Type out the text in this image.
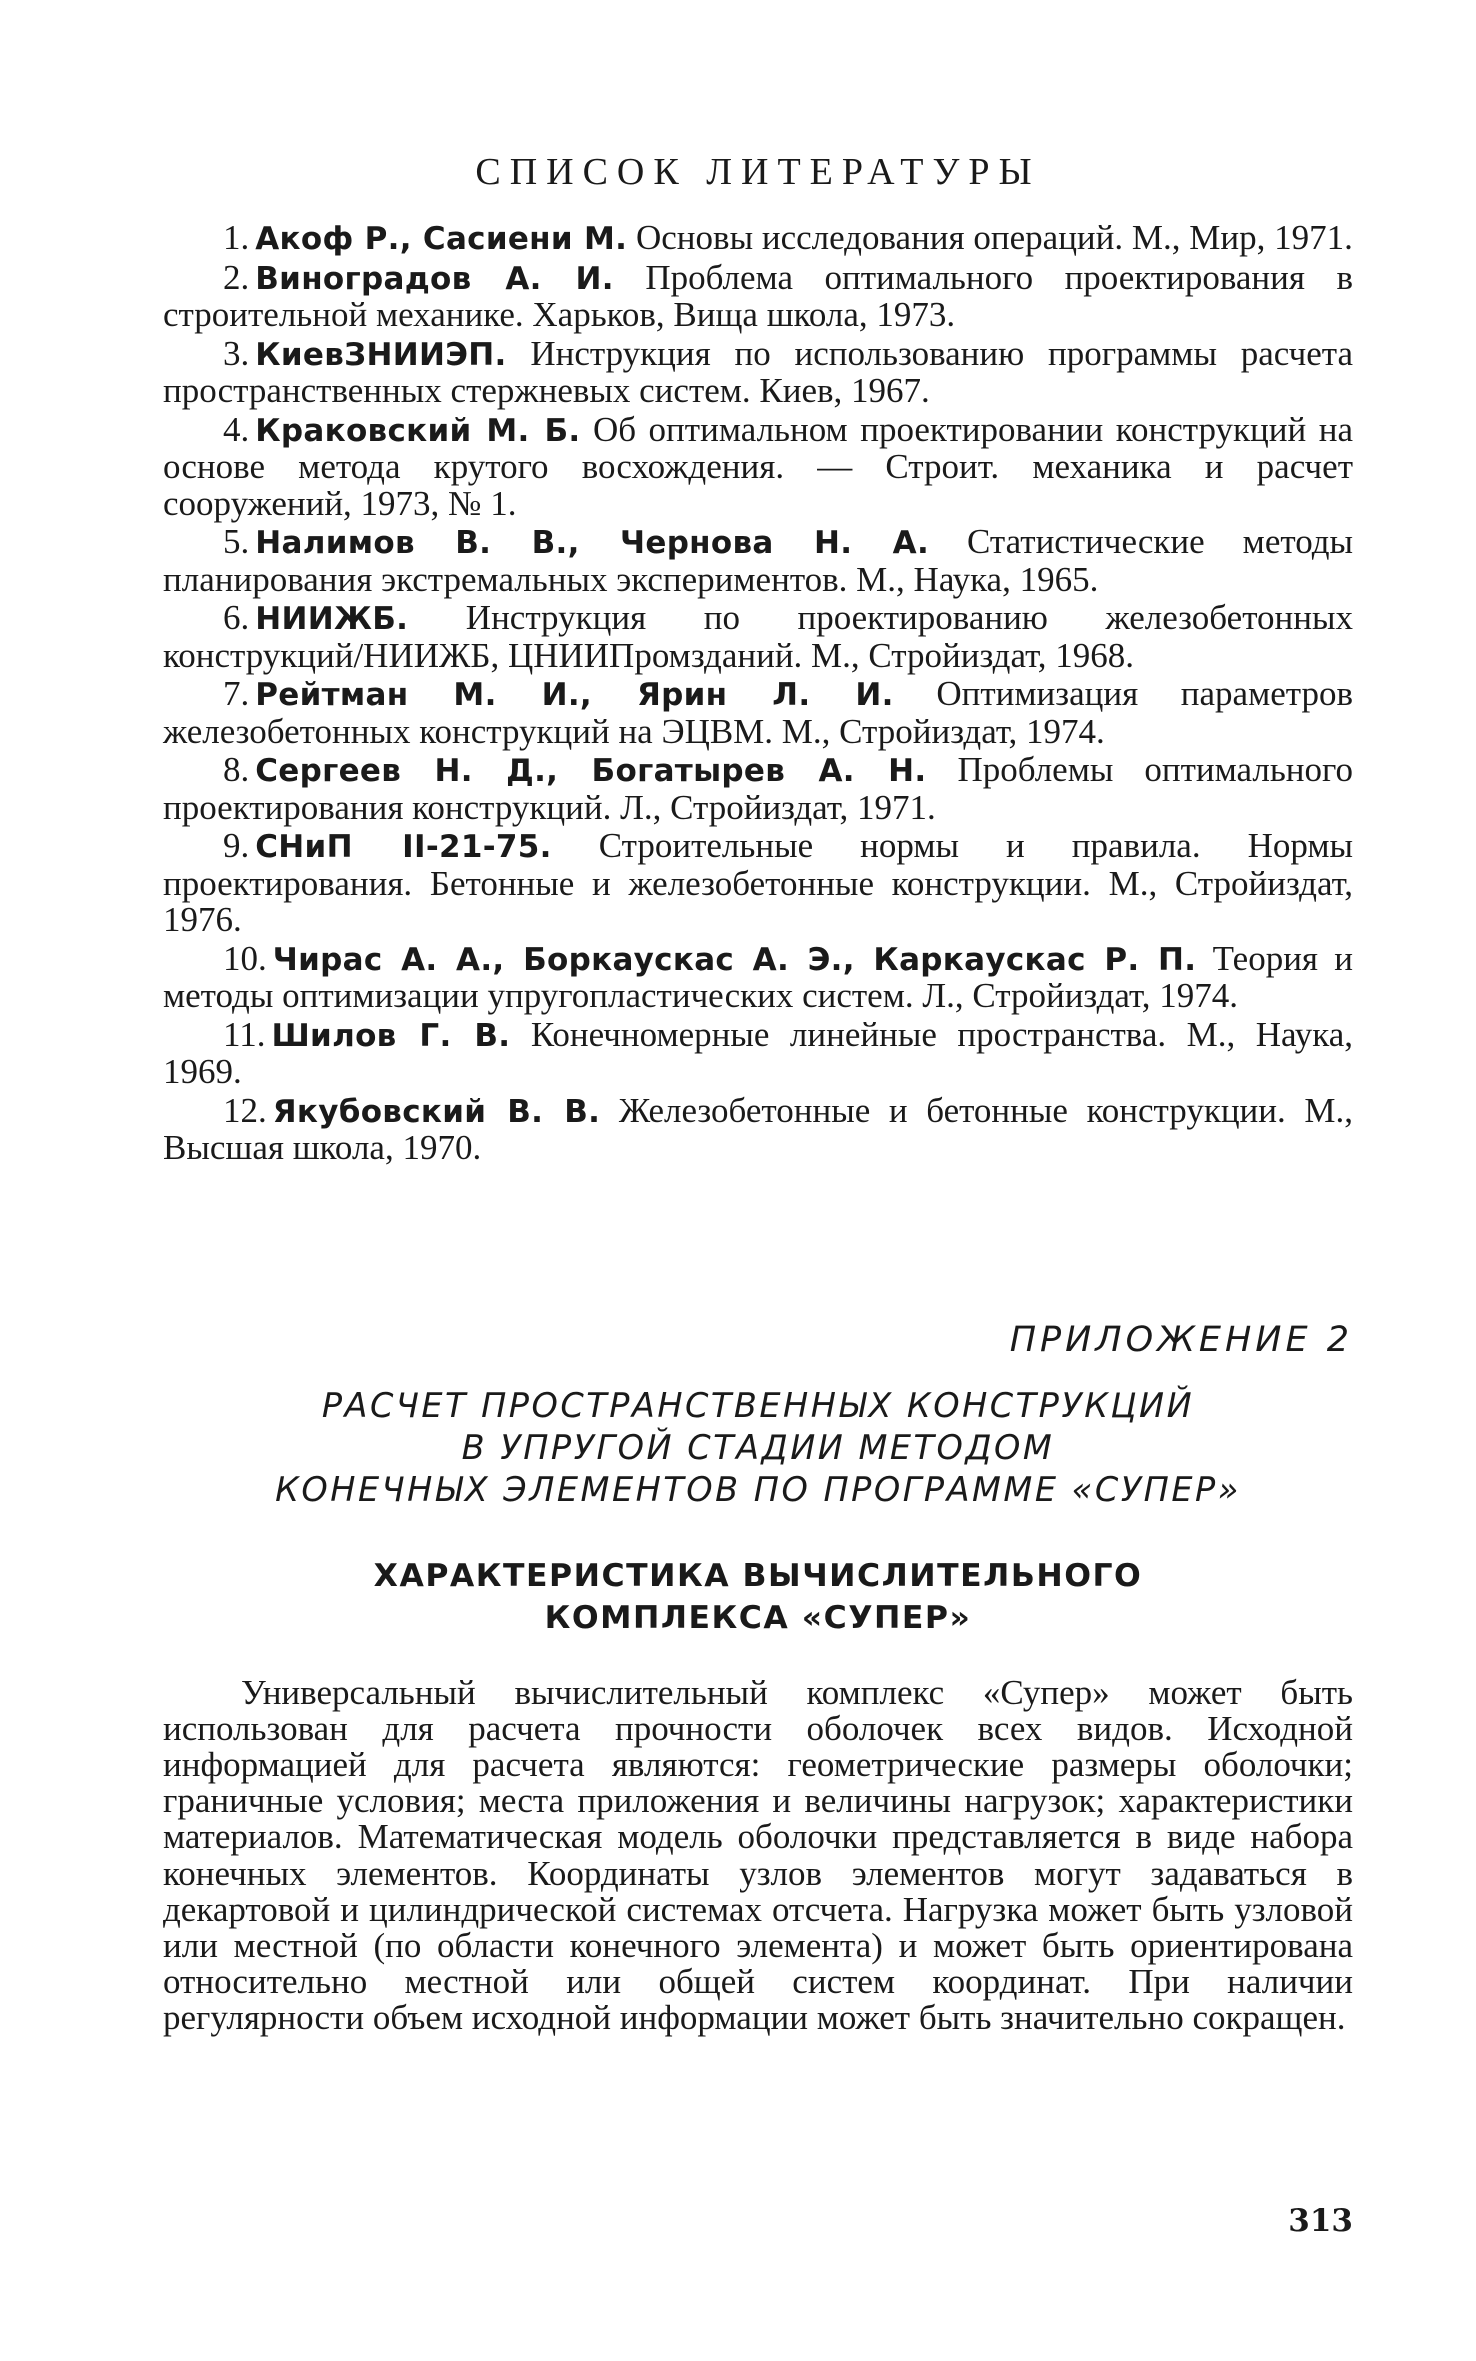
СПИСОК ЛИТЕРАТУРЫ
1. Акоф Р., Сасиени М. Основы исследования операций. М., Мир, 1971.
2. Виноградов А. И. Проблема оптимального проектирования в строительной механике. Харьков, Вища школа, 1973.
3. КиевЗНИИЭП. Инструкция по использованию программы расчета пространственных стержневых систем. Киев, 1967.
4. Краковский М. Б. Об оптимальном проектировании конструкций на основе метода крутого восхождения. — Строит. механика и расчет сооружений, 1973, № 1.
5. Налимов В. В., Чернова Н. А. Статистические методы планирования экстремальных экспериментов. М., Наука, 1965.
6. НИИЖБ. Инструкция по проектированию железобетонных конструкций/НИИЖБ, ЦНИИПромзданий. М., Стройиздат, 1968.
7. Рейтман М. И., Ярин Л. И. Оптимизация параметров железобетонных конструкций на ЭЦВМ. М., Стройиздат, 1974.
8. Сергеев Н. Д., Богатырев А. Н. Проблемы оптимального проектирования конструкций. Л., Стройиздат, 1971.
9. СНиП II-21-75. Строительные нормы и правила. Нормы проектирования. Бетонные и железобетонные конструкции. М., Стройиздат, 1976.
10. Чирас А. А., Боркаускас А. Э., Каркаускас Р. П. Теория и методы оптимизации упругопластических систем. Л., Стройиздат, 1974.
11. Шилов Г. В. Конечномерные линейные пространства. М., Наука, 1969.
12. Якубовский В. В. Железобетонные и бетонные конструкции. М., Высшая школа, 1970.
ПРИЛОЖЕНИЕ 2
РАСЧЕТ ПРОСТРАНСТВЕННЫХ КОНСТРУКЦИЙ
В УПРУГОЙ СТАДИИ МЕТОДОМ
КОНЕЧНЫХ ЭЛЕМЕНТОВ ПО ПРОГРАММЕ «СУПЕР»
ХАРАКТЕРИСТИКА ВЫЧИСЛИТЕЛЬНОГО
КОМПЛЕКСА «СУПЕР»

Универсальный вычислительный комплекс «Супер» может быть использован для расчета прочности оболочек всех видов. Исходной информацией для расчета являются: геометрические размеры оболочки; граничные условия; места приложения и величины нагрузок; характеристики материалов. Математическая модель оболочки представляется в виде набора конечных элементов. Координаты узлов элементов могут задаваться в декартовой и цилиндрической системах отсчета. Нагрузка может быть узловой или местной (по области конечного элемента) и может быть ориентирована относительно местной или общей систем координат. При наличии регулярности объем исходной информации может быть значительно сокращен.

313
